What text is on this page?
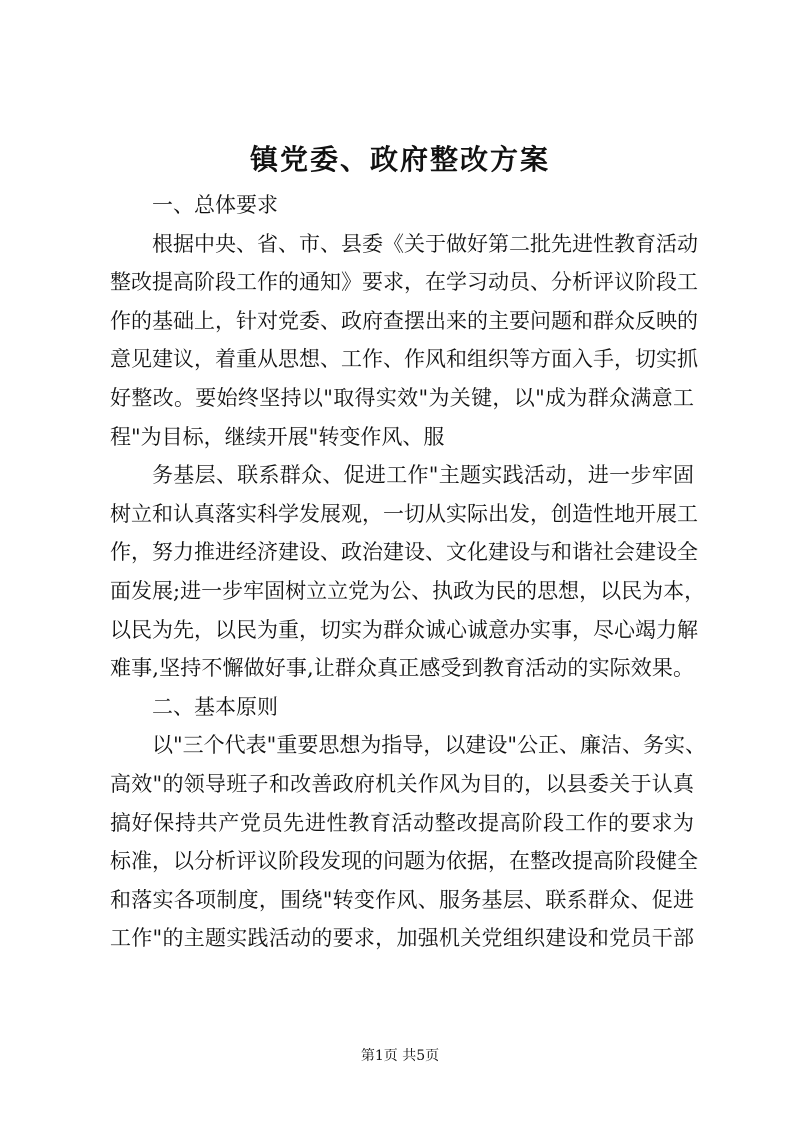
镇党委、政府整改方案
一、总体要求
根据中央、省、市、县委《关于做好第二批先进性教育活动
整改提高阶段工作的通知》要求，在学习动员、分析评议阶段工
作的基础上，针对党委、政府查摆出来的主要问题和群众反映的
意见建议，着重从思想、工作、作风和组织等方面入手，切实抓
好整改。要始终坚持以"取得实效"为关键，以"成为群众满意工
程"为目标，继续开展"转变作风、服
务基层、联系群众、促进工作"主题实践活动，进一步牢固
树立和认真落实科学发展观，一切从实际出发，创造性地开展工
作，努力推进经济建设、政治建设、文化建设与和谐社会建设全
面发展;进一步牢固树立立党为公、执政为民的思想，以民为本，
以民为先，以民为重，切实为群众诚心诚意办实事，尽心竭力解
难事,坚持不懈做好事,让群众真正感受到教育活动的实际效果。
二、基本原则
以"三个代表"重要思想为指导，以建设"公正、廉洁、务实、
高效"的领导班子和改善政府机关作风为目的，以县委关于认真
搞好保持共产党员先进性教育活动整改提高阶段工作的要求为
标准，以分析评议阶段发现的问题为依据，在整改提高阶段健全
和落实各项制度，围绕"转变作风、服务基层、联系群众、促进
工作"的主题实践活动的要求，加强机关党组织建设和党员干部
第1页 共5页
